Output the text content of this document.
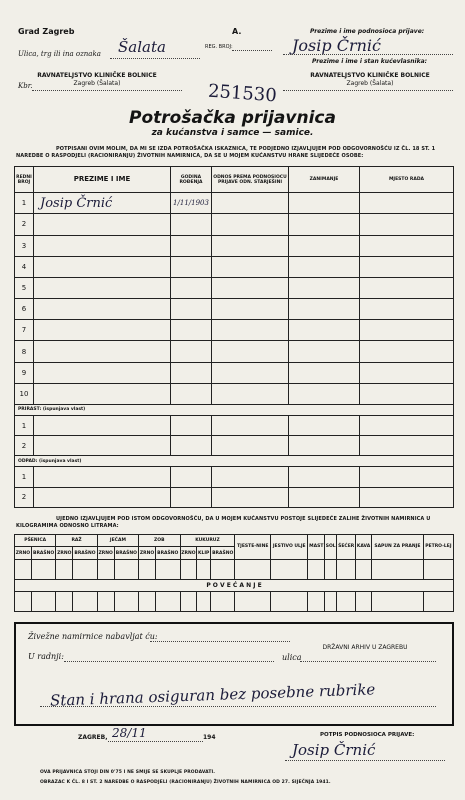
Grad Zagreb	A.
Ulica, trg ili ina oznaka Šalata	REG. BROJ:
RAVNATELJSTVO KLINIČKE BOLNICE
Zagreb (Šalata)
Kbr.
Prezime i ime podnosioca prijave:
Josip Črnić
Prezime i ime i stan kućevlasnika:
RAVNATELJSTVO KLINIČKE BOLNICE
Zagreb (Šalata)
251530
Potrošačka prijavnica
za kućanstva i samce — samice.
POTPISANI OVIM MOLIM, DA MI SE IZDA POTROŠAČKA ISKAZNICA, TE PODJEDNO IZJAVLJUJEM POD ODGOVORNOŠĆU IZ ČL. 18 ST. 1 NAREDBE O RASPODJELI (RACIONIRANJU) ŽIVOTNIH NAMIRNICA, DA SE U MOJEM KUĆANSTVU HRANE SLIJEDEĆE OSOBE:
REDNI BROJ	PREZIME I IME	GODINA ROĐENJA	ODNOS PREMA PODNOSIOCU PRIJAVE ODN. STARJEŠINI	ZANIMANJE	MJESTO RADA
1	Josip Črnić	1/11/1903			
2					
3					
4					
5					
6					
7					
8					
9					
10					
PRIRAST: (ispunjava vlast)					
1					
2					
ODPAD: (ispunjava vlast)					
1					
2					
UJEDNO IZJAVLJUJEM POD ISTOM ODGOVORNOŠĆU, DA U MOJEM KUĆANSTVU POSTOJE SLIJEDEĆE ZALIHE ŽIVOTNIH NAMIRNICA U KILOGRAMIMA ODNOSNO LITRAMA:
PŠENICA		RAŽ		JEČAM		ZOB		KUKURUZ			TJESTE-NINE	JESTIVO ULJE	MAST	SOL	ŠEĆER	KAVA	SAPUN ZA PRANJE	PETRO-LEJ
ZRNO	BRAŠNO	ZRNO	BRAŠNO	ZRNO	BRAŠNO	ZRNO	BRAŠNO	ZRNO	KLIP	BRAŠNO								

P O V E Ć A N J E																		

Živežne namirnice nabavljat ću:
DRŽAVNI ARHIV U ZAGREBU
U radnji:	ulica
Stan i hrana osiguran bez posebne rubrike
ZAGREB, 28/11	194	POTPIS PODNOSIOCA PRIJAVE:
Josip Črnić
OVA PRIJAVNICA STOJI DIN 0'75 I NE SMIJE SE SKUPLJE PRODAVATI.
OBRAZAC K ČL. 8 I ST. 2 NAREDBE O RASPODJELI (RACIONIRANJU) ŽIVOTNIH NAMIRNICA OD 27. SIJEČNJA 1941.
